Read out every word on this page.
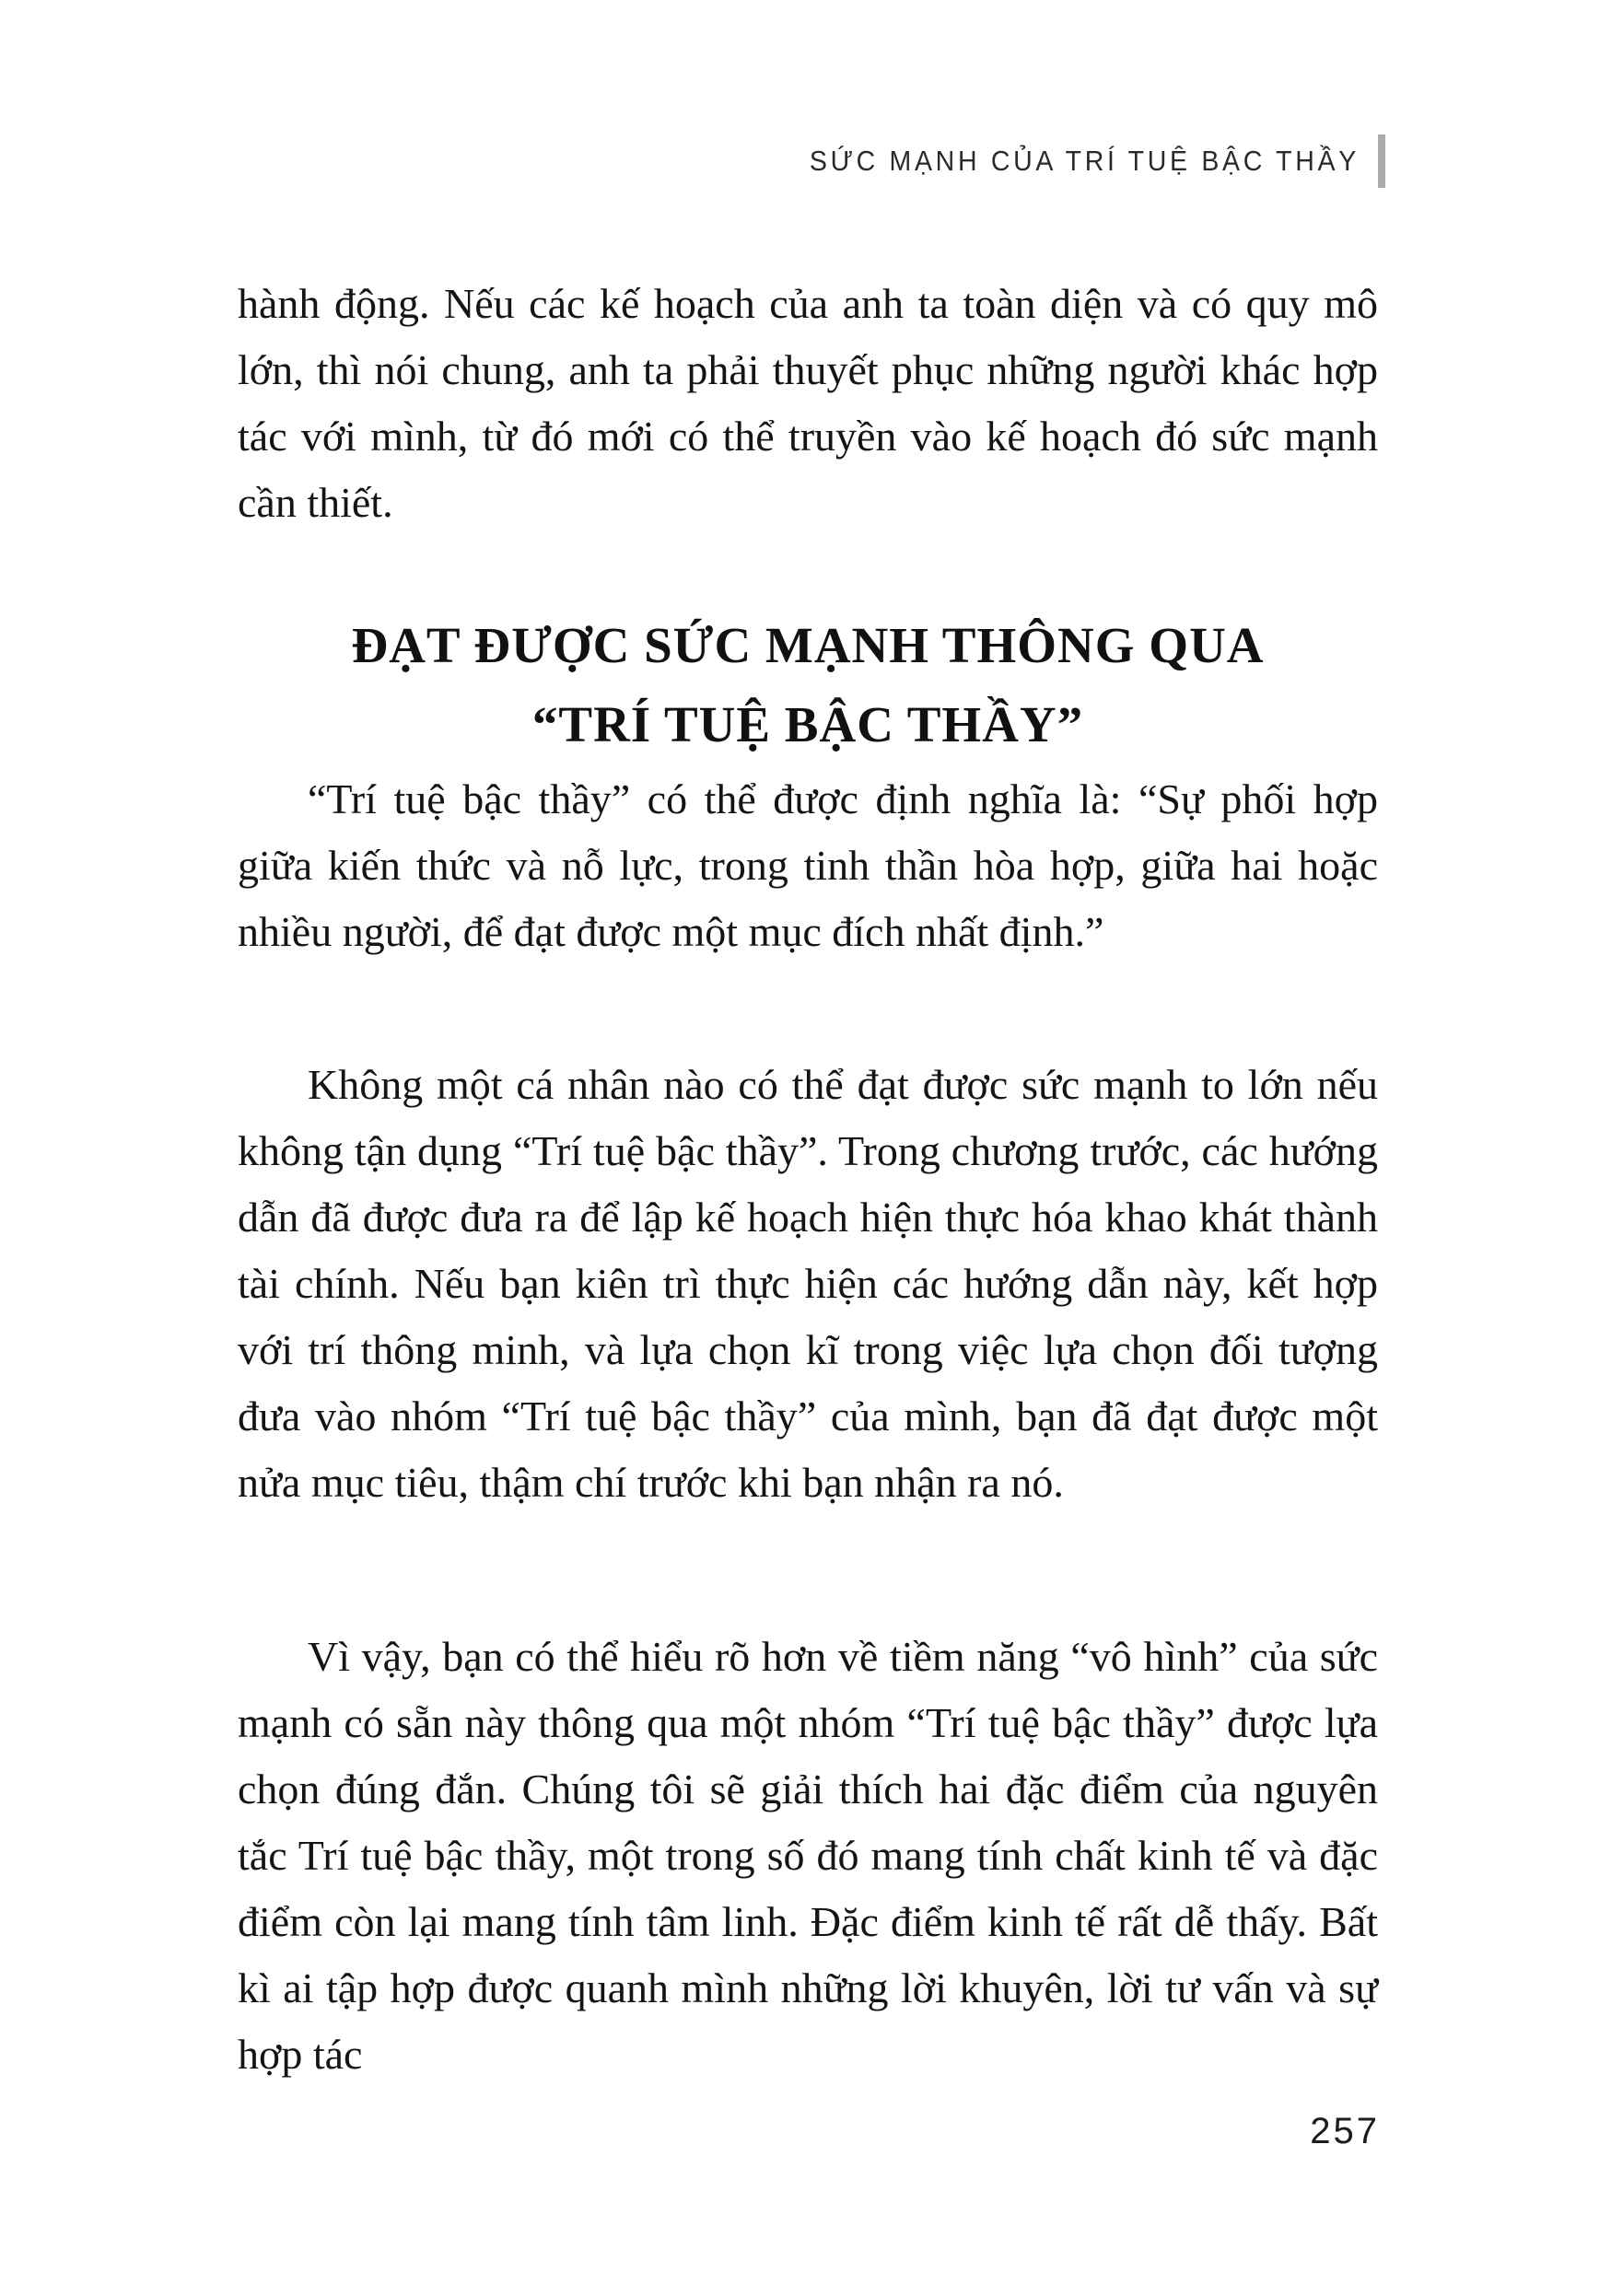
SỨC MẠNH CỦA TRÍ TUỆ BẬC THẦY

hành động. Nếu các kế hoạch của anh ta toàn diện và có quy mô lớn, thì nói chung, anh ta phải thuyết phục những người khác hợp tác với mình, từ đó mới có thể truyền vào kế hoạch đó sức mạnh cần thiết.

ĐẠT ĐƯỢC SỨC MẠNH THÔNG QUA
“TRÍ TUỆ BẬC THẦY”

“Trí tuệ bậc thầy” có thể được định nghĩa là: “Sự phối hợp giữa kiến thức và nỗ lực, trong tinh thần hòa hợp, giữa hai hoặc nhiều người, để đạt được một mục đích nhất định.”

Không một cá nhân nào có thể đạt được sức mạnh to lớn nếu không tận dụng “Trí tuệ bậc thầy”. Trong chương trước, các hướng dẫn đã được đưa ra để lập kế hoạch hiện thực hóa khao khát thành tài chính. Nếu bạn kiên trì thực hiện các hướng dẫn này, kết hợp với trí thông minh, và lựa chọn kĩ trong việc lựa chọn đối tượng đưa vào nhóm “Trí tuệ bậc thầy” của mình, bạn đã đạt được một nửa mục tiêu, thậm chí trước khi bạn nhận ra nó.

Vì vậy, bạn có thể hiểu rõ hơn về tiềm năng “vô hình” của sức mạnh có sẵn này thông qua một nhóm “Trí tuệ bậc thầy” được lựa chọn đúng đắn. Chúng tôi sẽ giải thích hai đặc điểm của nguyên tắc Trí tuệ bậc thầy, một trong số đó mang tính chất kinh tế và đặc điểm còn lại mang tính tâm linh. Đặc điểm kinh tế rất dễ thấy. Bất kì ai tập hợp được quanh mình những lời khuyên, lời tư vấn và sự hợp tác

257
